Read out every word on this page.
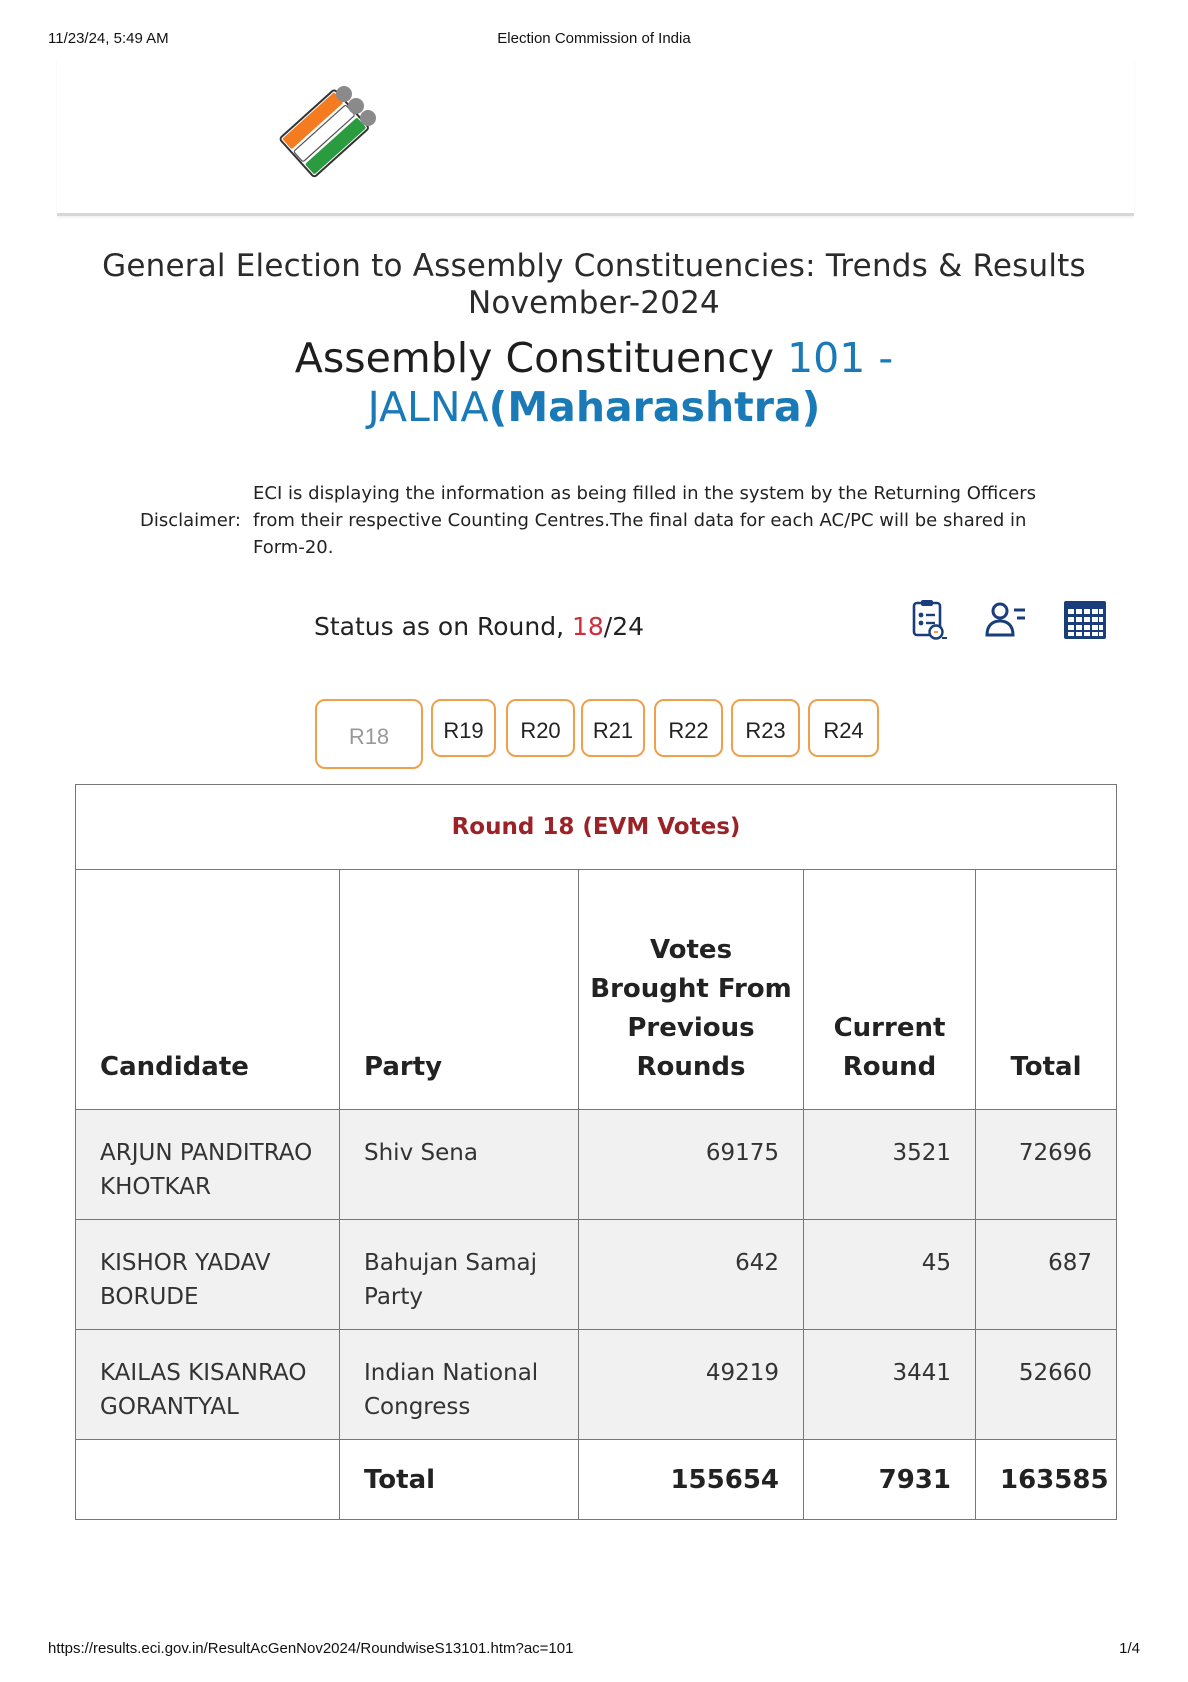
11/23/24, 5:49 AM	Election Commission of India
General Election to Assembly Constituencies: Trends & Results
November-2024
Assembly Constituency 101 -
JALNA(Maharashtra)
Disclaimer:
ECI is displaying the information as being filled in the system by the Returning Officers from their respective Counting Centres.The final data for each AC/PC will be shared in Form-20.
Status as on Round, 18/24
R18	R19	R20	R21	R22	R23	R24
Round 18 (EVM Votes)				
Candidate	Party	Votes Brought From Previous Rounds	Current Round	Total
ARJUN PANDITRAO KHOTKAR	Shiv Sena	69175	3521	72696
KISHOR YADAV BORUDE	Bahujan Samaj Party	642	45	687
KAILAS KISANRAO GORANTYAL	Indian National Congress	49219	3441	52660
	Total	155654	7931	163585
https://results.eci.gov.in/ResultAcGenNov2024/RoundwiseS13101.htm?ac=101	1/4
